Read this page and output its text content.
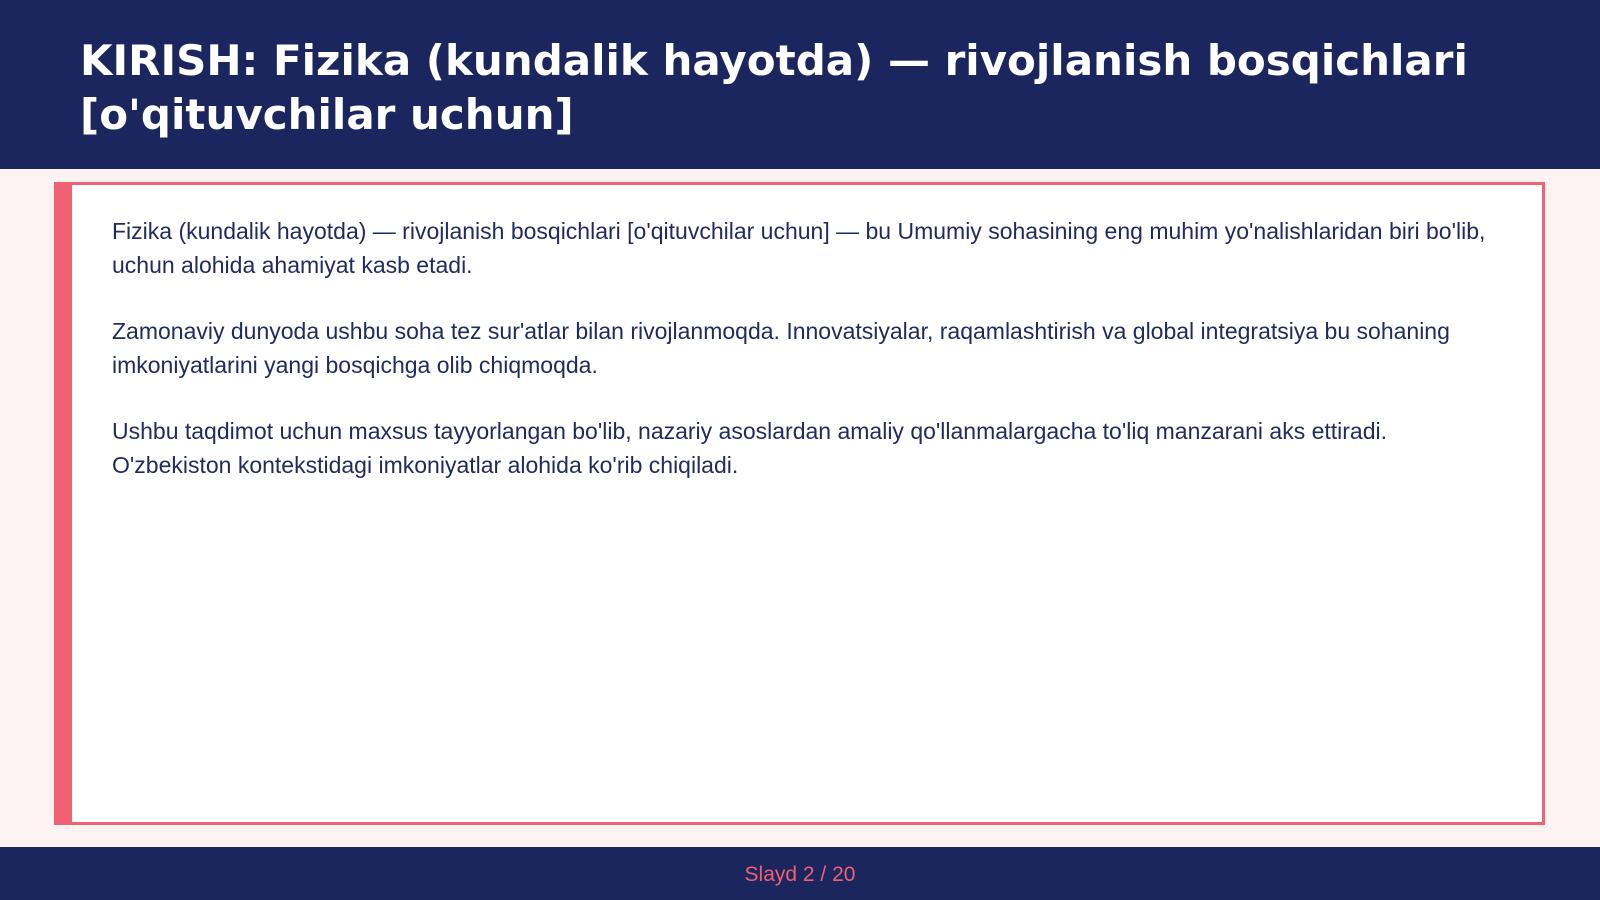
KIRISH: Fizika (kundalik hayotda) — rivojlanish bosqichlari [o'qituvchilar uchun]

Fizika (kundalik hayotda) — rivojlanish bosqichlari [o'qituvchilar uchun] — bu Umumiy sohasining eng muhim yo'nalishlaridan biri bo'lib, uchun alohida ahamiyat kasb etadi.

Zamonaviy dunyoda ushbu soha tez sur'atlar bilan rivojlanmoqda. Innovatsiyalar, raqamlashtirish va global integratsiya bu sohaning imkoniyatlarini yangi bosqichga olib chiqmoqda.

Ushbu taqdimot uchun maxsus tayyorlangan bo'lib, nazariy asoslardan amaliy qo'llanmalargacha to'liq manzarani aks ettiradi. O'zbekiston kontekstidagi imkoniyatlar alohida ko'rib chiqiladi.

Slayd 2 / 20
